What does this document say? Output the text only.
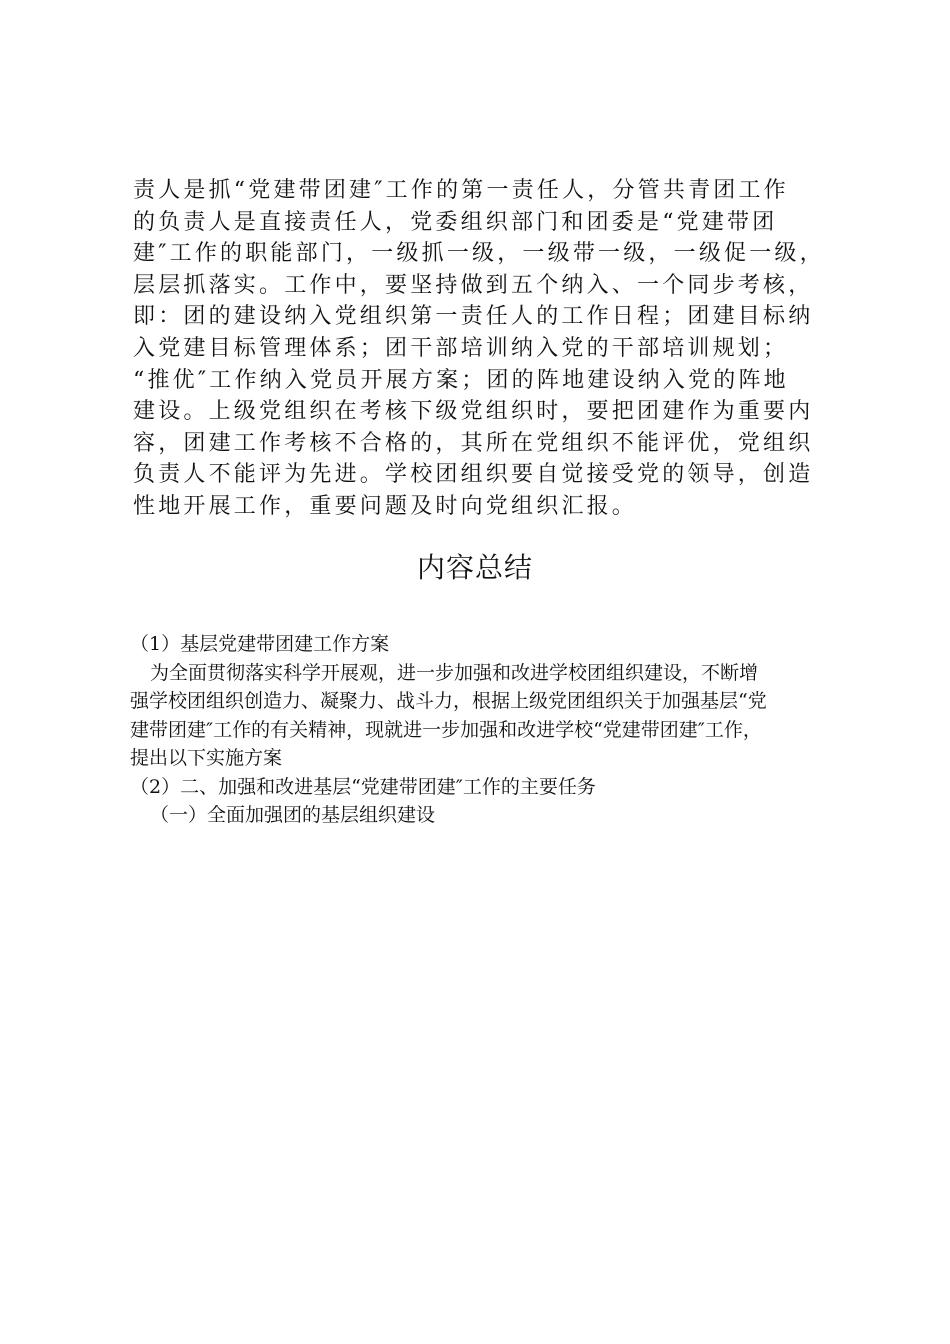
责人是抓“党建带团建″工作的第一责任人，分管共青团工作
的负责人是直接责任人，党委组织部门和团委是“党建带团
建″工作的职能部门，一级抓一级，一级带一级，一级促一级，
层层抓落实。工作中，要坚持做到五个纳入、一个同步考核，
即：团的建设纳入党组织第一责任人的工作日程；团建目标纳
入党建目标管理体系；团干部培训纳入党的干部培训规划；
“推优″工作纳入党员开展方案；团的阵地建设纳入党的阵地
建设。上级党组织在考核下级党组织时，要把团建作为重要内
容，团建工作考核不合格的，其所在党组织不能评优，党组织
负责人不能评为先进。学校团组织要自觉接受党的领导，创造
性地开展工作，重要问题及时向党组织汇报。
内容总结
（1）基层党建带团建工作方案
为全面贯彻落实科学开展观，进一步加强和改进学校团组织建设，不断增
强学校团组织创造力、凝聚力、战斗力，根据上级党团组织关于加强基层“党
建带团建″工作的有关精神，现就进一步加强和改进学校“党建带团建″工作，
提出以下实施方案
（2）二、加强和改进基层“党建带团建″工作的主要任务
（一）全面加强团的基层组织建设
